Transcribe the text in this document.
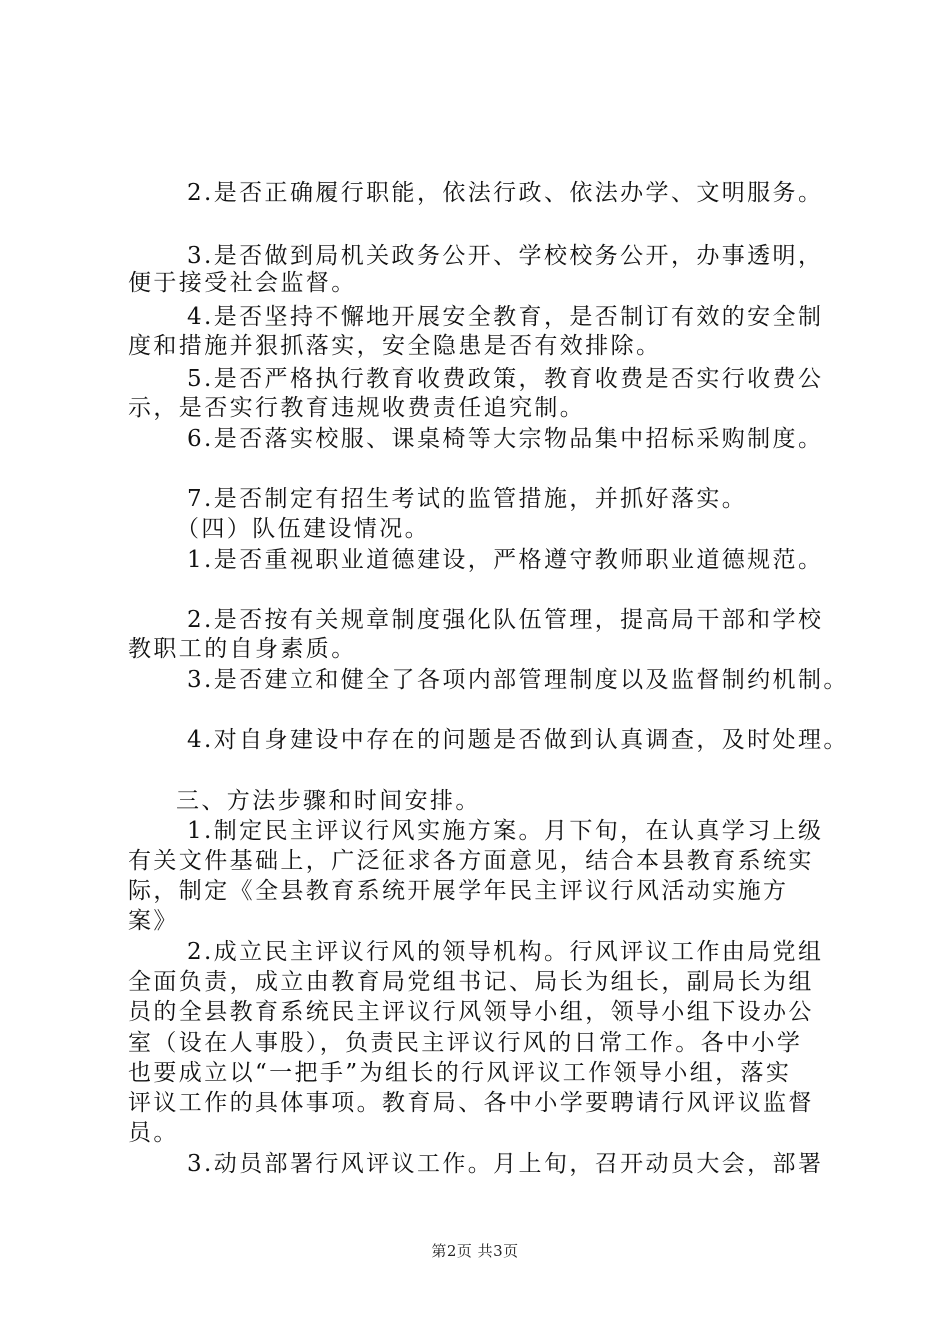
2.是否正确履行职能，依法行政、依法办学、文明服务。
3.是否做到局机关政务公开、学校校务公开，办事透明，
便于接受社会监督。
4.是否坚持不懈地开展安全教育，是否制订有效的安全制
度和措施并狠抓落实，安全隐患是否有效排除。
5.是否严格执行教育收费政策，教育收费是否实行收费公
示，是否实行教育违规收费责任追究制。
6.是否落实校服、课桌椅等大宗物品集中招标采购制度。
7.是否制定有招生考试的监管措施，并抓好落实。
（四）队伍建设情况。
1.是否重视职业道德建设，严格遵守教师职业道德规范。
2.是否按有关规章制度强化队伍管理，提高局干部和学校
教职工的自身素质。
3.是否建立和健全了各项内部管理制度以及监督制约机制。
4.对自身建设中存在的问题是否做到认真调查，及时处理。
三、方法步骤和时间安排。
1.制定民主评议行风实施方案。月下旬，在认真学习上级
有关文件基础上，广泛征求各方面意见，结合本县教育系统实
际，制定《全县教育系统开展学年民主评议行风活动实施方
案》
2.成立民主评议行风的领导机构。行风评议工作由局党组
全面负责，成立由教育局党组书记、局长为组长，副局长为组
员的全县教育系统民主评议行风领导小组，领导小组下设办公
室（设在人事股），负责民主评议行风的日常工作。各中小学
也要成立以“一把手”为组长的行风评议工作领导小组，落实
评议工作的具体事项。教育局、各中小学要聘请行风评议监督
员。
3.动员部署行风评议工作。月上旬，召开动员大会，部署
第2页 共3页
